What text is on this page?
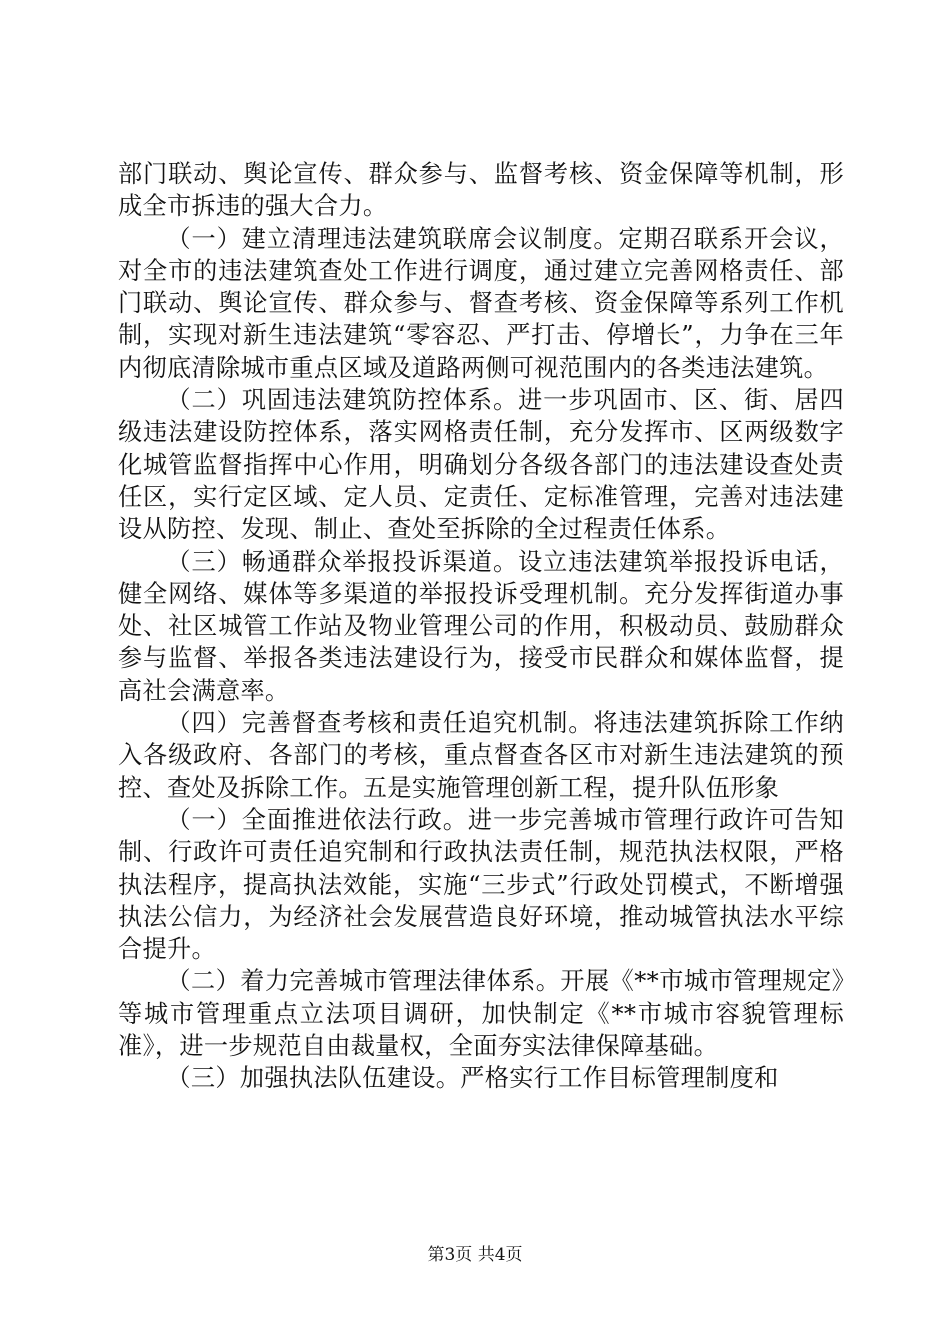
部门联动、舆论宣传、群众参与、监督考核、资金保障等机制，形成全市拆违的强大合力。

（一）建立清理违法建筑联席会议制度。定期召联系开会议，对全市的违法建筑查处工作进行调度，通过建立完善网格责任、部门联动、舆论宣传、群众参与、督查考核、资金保障等系列工作机制，实现对新生违法建筑“零容忍、严打击、停增长”，力争在三年内彻底清除城市重点区域及道路两侧可视范围内的各类违法建筑。

（二）巩固违法建筑防控体系。进一步巩固市、区、街、居四级违法建设防控体系，落实网格责任制，充分发挥市、区两级数字化城管监督指挥中心作用，明确划分各级各部门的违法建设查处责任区，实行定区域、定人员、定责任、定标准管理，完善对违法建设从防控、发现、制止、查处至拆除的全过程责任体系。

（三）畅通群众举报投诉渠道。设立违法建筑举报投诉电话，健全网络、媒体等多渠道的举报投诉受理机制。充分发挥街道办事处、社区城管工作站及物业管理公司的作用，积极动员、鼓励群众参与监督、举报各类违法建设行为，接受市民群众和媒体监督，提高社会满意率。

（四）完善督查考核和责任追究机制。将违法建筑拆除工作纳入各级政府、各部门的考核，重点督查各区市对新生违法建筑的预控、查处及拆除工作。五是实施管理创新工程，提升队伍形象

（一）全面推进依法行政。进一步完善城市管理行政许可告知制、行政许可责任追究制和行政执法责任制，规范执法权限，严格执法程序，提高执法效能，实施“三步式”行政处罚模式，不断增强执法公信力，为经济社会发展营造良好环境，推动城管执法水平综合提升。

（二）着力完善城市管理法律体系。开展《**市城市管理规定》等城市管理重点立法项目调研，加快制定《**市城市容貌管理标准》，进一步规范自由裁量权，全面夯实法律保障基础。

（三）加强执法队伍建设。严格实行工作目标管理制度和

第3页 共4页
